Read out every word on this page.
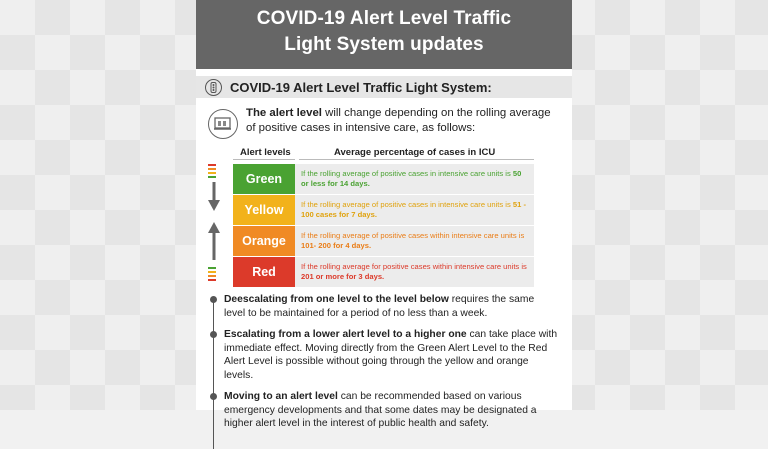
COVID-19 Alert Level Traffic
Light System updates
COVID-19 Alert Level Traffic Light System:

The alert level will change depending on the rolling average of positive cases in intensive care, as follows:

Alert levels	Average percentage of cases in ICU
Green	If the rolling average of positive cases in intensive care units is 50 or less for 14 days.
Yellow	If the rolling average of positive cases in intensive care units is 51 - 100 cases for 7 days.
Orange	If the rolling average of positive cases within intensive care units is 101- 200 for 4 days.
Red	If the rolling average for positive cases within intensive care units is 201 or more for 3 days.

Deescalating from one level to the level below requires the same level to be maintained for a period of no less than a week.

Escalating from a lower alert level to a higher one can take place with immediate effect. Moving directly from the Green Alert Level to the Red Alert Level is possible without going through the yellow and orange levels.

Moving to an alert level can be recommended based on various emergency developments and that some dates may be designated a higher alert level in the interest of public health and safety.
